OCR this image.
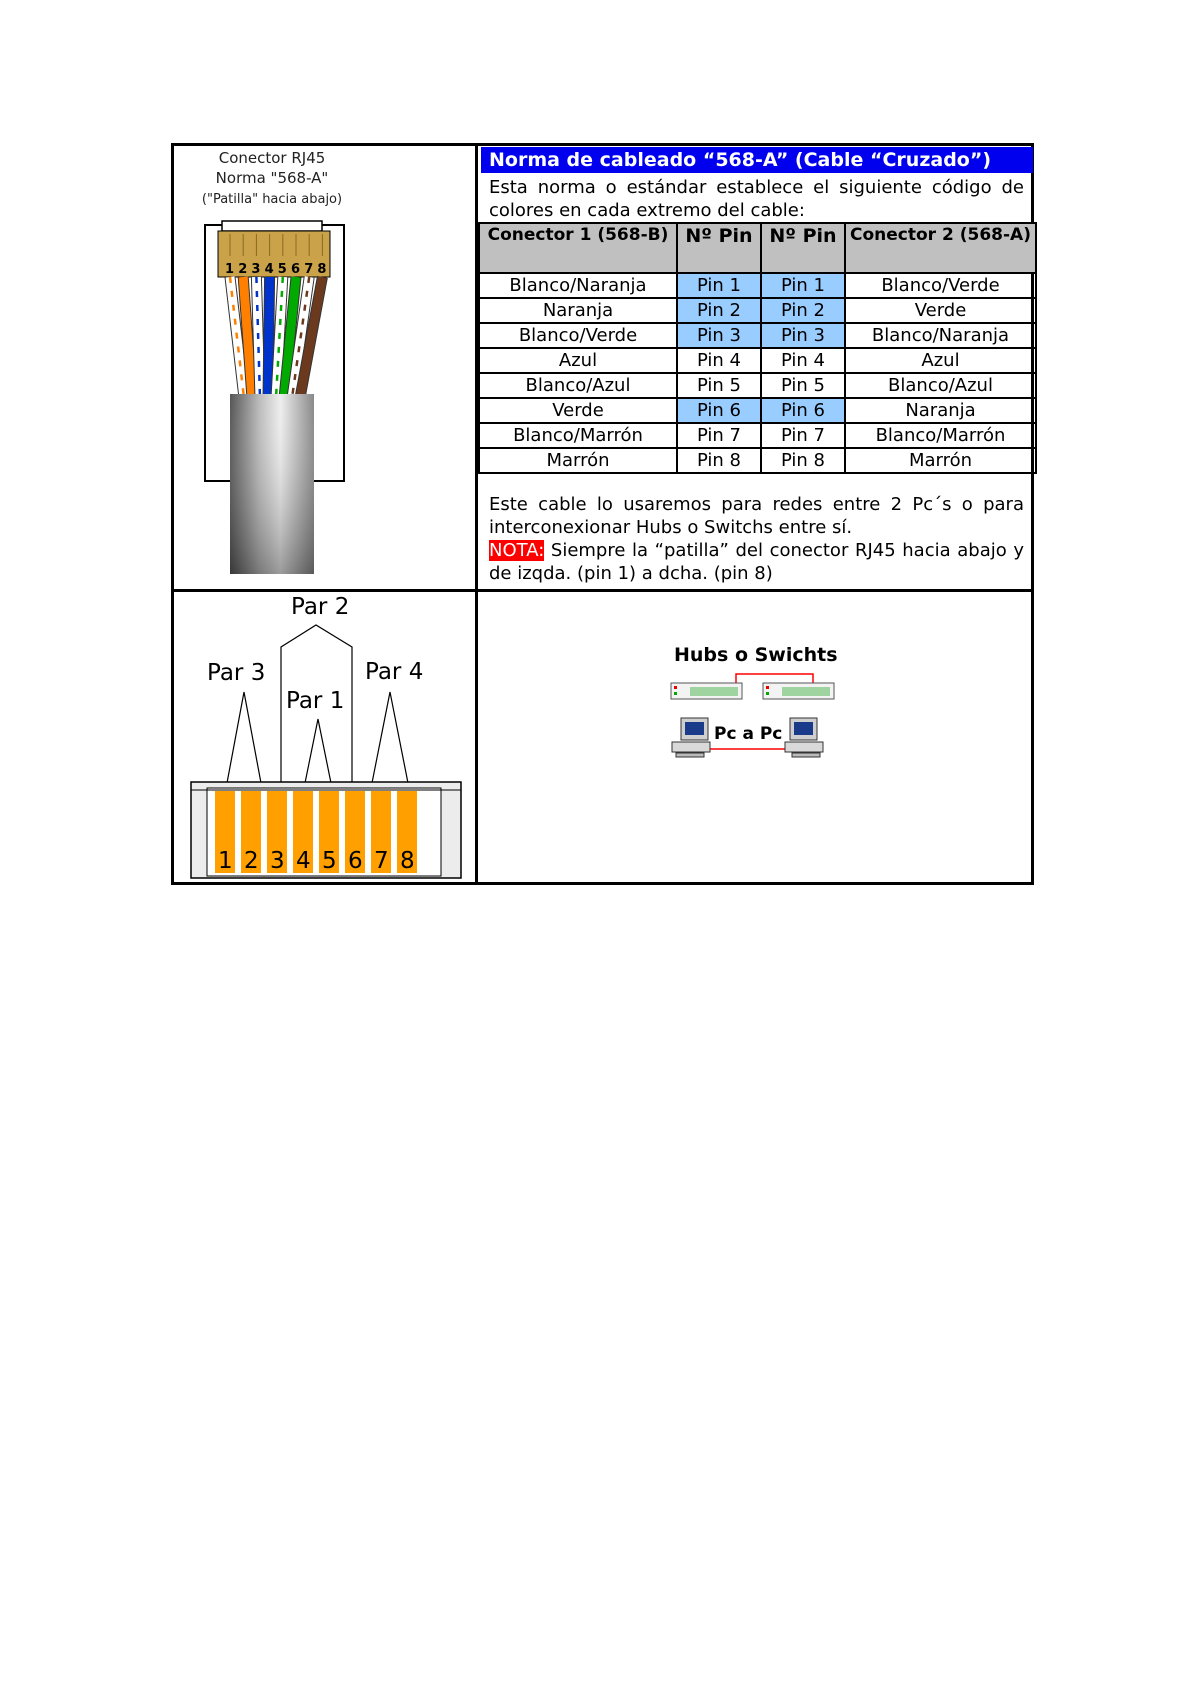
Conector RJ45
Norma "568-A"
("Patilla" hacia abajo)
1 2 3 4 5 6 7 8
Norma de cableado “568-A” (Cable “Cruzado”)
Esta norma o estándar establece el siguiente código de colores en cada extremo del cable:
Conector 1 (568-B)	Nº Pin	Nº Pin	Conector 2 (568-A)
Blanco/Naranja	Pin 1	Pin 1	Blanco/Verde
Naranja	Pin 2	Pin 2	Verde
Blanco/Verde	Pin 3	Pin 3	Blanco/Naranja
Azul	Pin 4	Pin 4	Azul
Blanco/Azul	Pin 5	Pin 5	Blanco/Azul
Verde	Pin 6	Pin 6	Naranja
Blanco/Marrón	Pin 7	Pin 7	Blanco/Marrón
Marrón	Pin 8	Pin 8	Marrón
Este cable lo usaremos para redes entre 2 Pc´s o para interconexionar Hubs o Switchs entre sí.
NOTA: Siempre la “patilla” del conector RJ45 hacia abajo y de izqda. (pin 1) a dcha. (pin 8)
Par 2
Par 3	Par 4
Par 1
1 2 3 4 5 6 7 8
Hubs o Swichts
Pc a Pc
